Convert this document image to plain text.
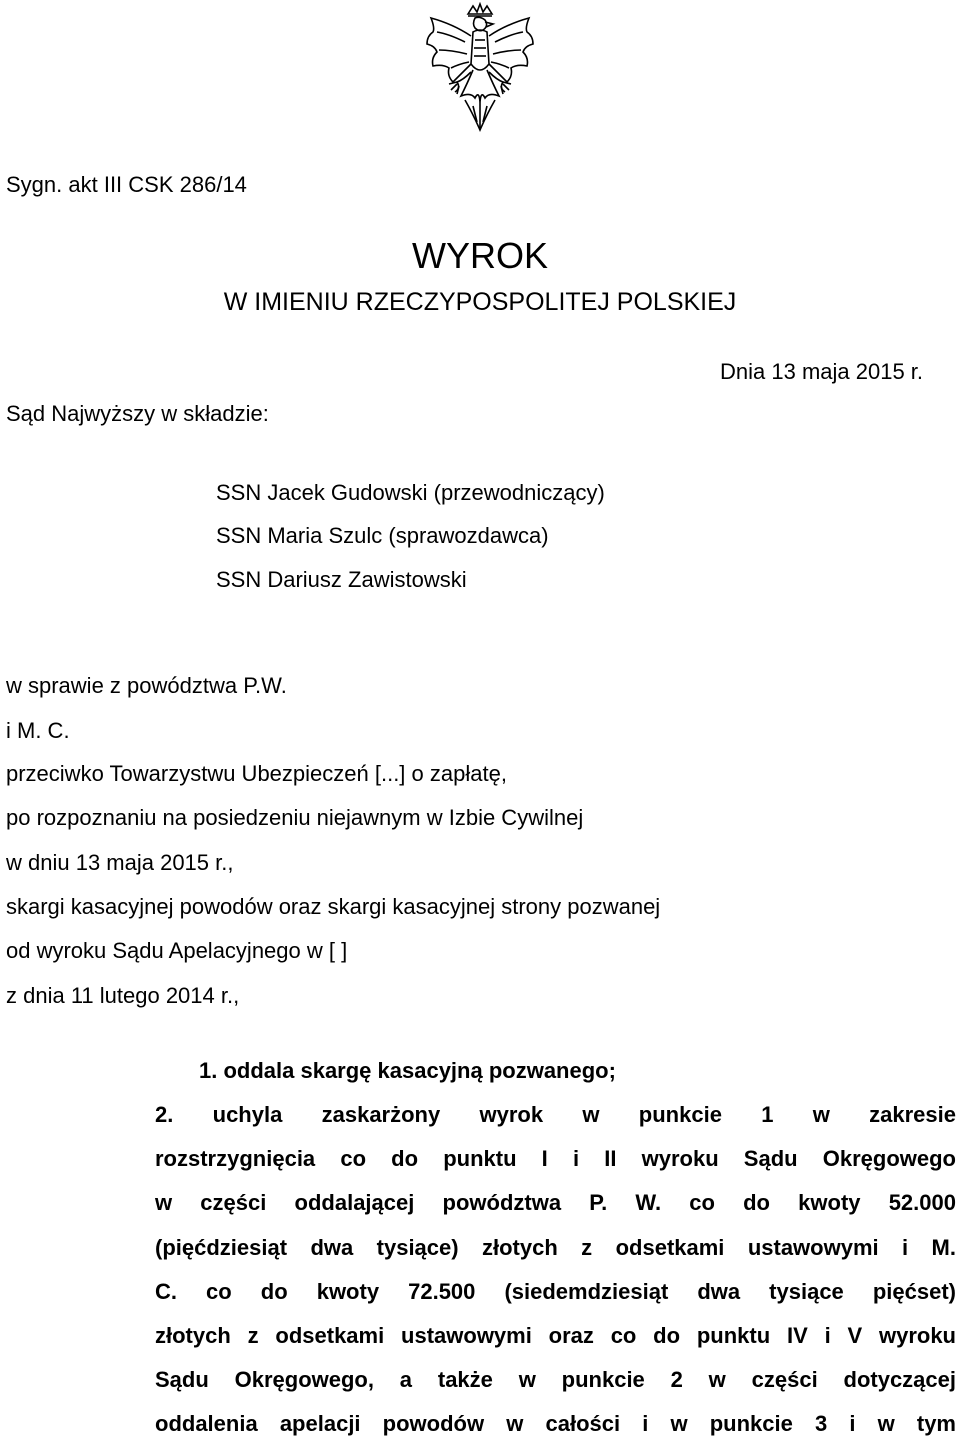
Sygn. akt III CSK 286/14
WYROK
W IMIENIU RZECZYPOSPOLITEJ POLSKIEJ
Dnia 13 maja 2015 r.
Sąd Najwyższy w składzie:
SSN Jacek Gudowski (przewodniczący)
SSN Maria Szulc (sprawozdawca)
SSN Dariusz Zawistowski
w sprawie z powództwa P.W.
i M. C.
przeciwko Towarzystwu Ubezpieczeń [...] o zapłatę,
po rozpoznaniu na posiedzeniu niejawnym w Izbie Cywilnej
w dniu 13 maja 2015 r.,
skargi kasacyjnej powodów oraz skargi kasacyjnej strony pozwanej
od wyroku Sądu Apelacyjnego w [ ]
z dnia 11 lutego 2014 r.,
1. oddala skargę kasacyjną pozwanego;
2. uchyla zaskarżony wyrok w punkcie 1 w zakresie
rozstrzygnięcia co do punktu I i II wyroku Sądu Okręgowego
w części oddalającej powództwa P. W. co do kwoty 52.000
(pięćdziesiąt dwa tysiące) złotych z odsetkami ustawowymi i M.
C. co do kwoty 72.500 (siedemdziesiąt dwa tysiące pięćset)
złotych z odsetkami ustawowymi oraz co do punktu IV i V wyroku
Sądu Okręgowego, a także w punkcie 2 w części dotyczącej
oddalenia apelacji powodów w całości i w punkcie 3 i w tym
